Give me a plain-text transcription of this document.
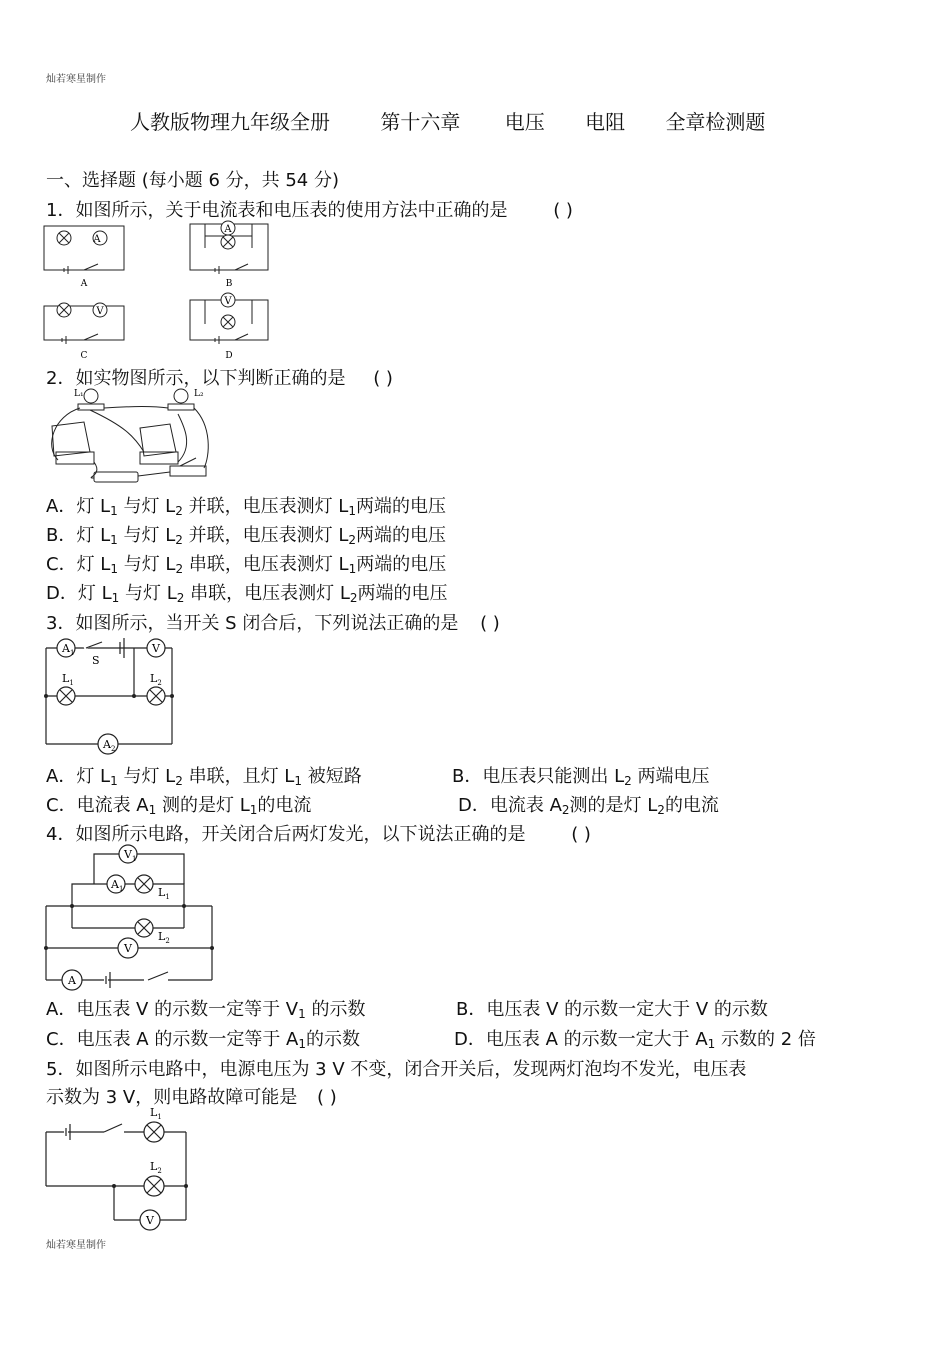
灿若寒星制作
人教版物理九年级全册	第十六章 电压 电阻 全章检测题
一、选择题 (每小题 6 分，共 54 分)
1．如图所示，关于电流表和电压表的使用方法中正确的是	( )
A
A
V
V
A	B
C	D
2．如实物图所示，以下判断正确的是 ( )
L₁	L₂
A．灯 $L_1$ 与灯 $L_2$ 并联，电压表测灯 $L_1$两端的电压
B．灯 $L_1$ 与灯 $L_2$ 并联，电压表测灯 $L_2$两端的电压
C．灯 $L_1$ 与灯 $L_2$ 串联，电压表测灯 $L_1$两端的电压
D．灯 $L_1$ 与灯 $L_2$ 串联，电压表测灯 $L_2$两端的电压
3．如图所示，当开关 S 闭合后，下列说法正确的是 ( )
$A_1$	V
S
$L_1$	$L_2$
$A_2$
A．灯 $L_1$ 与灯 $L_2$ 串联，且灯 $L_1$ 被短路	B．电压表只能测出 $L_2$ 两端电压
C．电流表 $A_1$ 测的是灯 $L_1$的电流	D．电流表 $A_2$测的是灯 $L_2$的电流
4．如图所示电路，开关闭合后两灯发光，以下说法正确的是	( )
$V_1$
$A_1$	$L_1$
$L_2$
V
A
A．电压表 V 的示数一定等于 $V_1$ 的示数	B．电压表 V 的示数一定大于 V 的示数
C．电压表 A 的示数一定等于 $A_1$的示数	D．电压表 A 的示数一定大于 $A_1$ 示数的 2 倍
5．如图所示电路中，电源电压为 3 V 不变，闭合开关后，发现两灯泡均不发光，电压表
示数为 3 V，则电路故障可能是 ( )
$L_1$
$L_2$
V
灿若寒星制作
